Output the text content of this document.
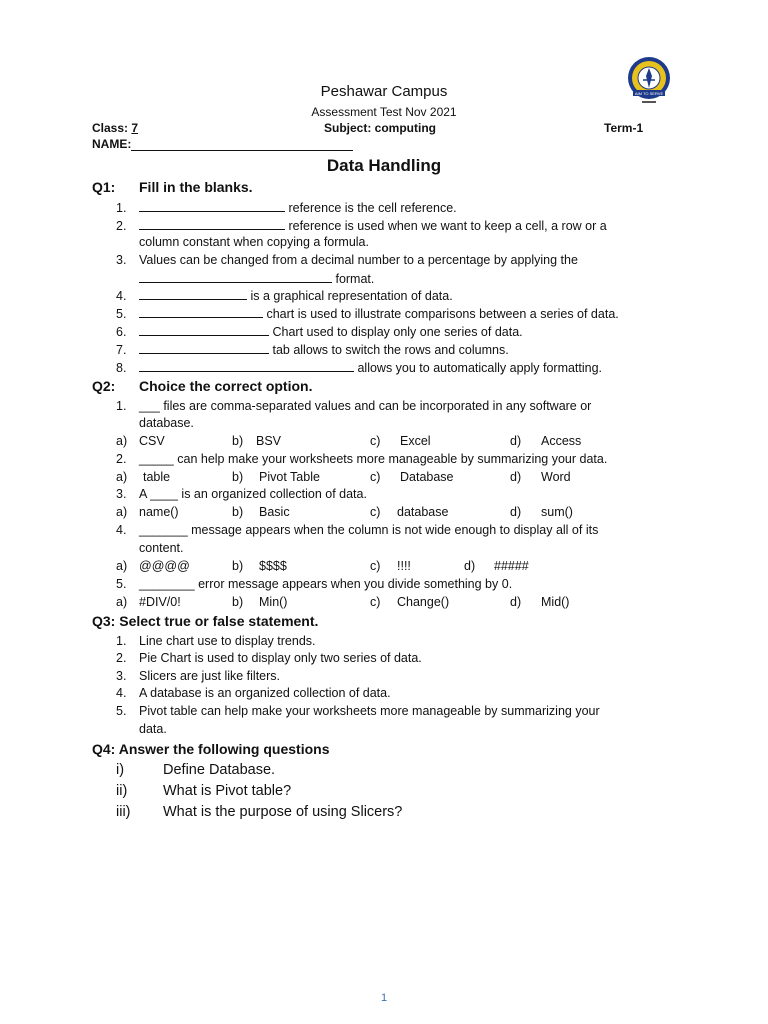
AIM TO SERVE
Peshawar Campus
Assessment Test Nov 2021
Class: 7	Subject: computing	Term-1
NAME:
Data Handling
Q1: Fill in the blanks.
1.	reference is the cell reference.
2.	reference is used when we want to keep a cell, a row or a
column constant when copying a formula.
3. Values can be changed from a decimal number to a percentage by applying the
format.
4.	is a graphical representation of data.
5.	chart is used to illustrate comparisons between a series of data.
6.	Chart used to display only one series of data.
7.	tab allows to switch the rows and columns.
8.	allows you to automatically apply formatting.
Q2: Choice the correct option.
1. ___ files are comma-separated values and can be incorporated in any software or
database.
a) CSV	b) BSV	c) Excel	d) Access
2. _____ can help make your worksheets more manageable by summarizing your data.
a) table	b) Pivot Table	c) Database	d) Word
3. A ____ is an organized collection of data.
a) name()	b) Basic	c) database	d) sum()
4. _______ message appears when the column is not wide enough to display all of its
content.
a) @@@@	b) $$$$	c) !!!!	d) #####
5. ________ error message appears when you divide something by 0.
a) #DIV/0!	b) Min()	c) Change()	d) Mid()
Q3: Select true or false statement.
1. Line chart use to display trends.
2. Pie Chart is used to display only two series of data.
3. Slicers are just like filters.
4. A database is an organized collection of data.
5. Pivot table can help make your worksheets more manageable by summarizing your
data.
Q4: Answer the following questions
i)	Define Database.
ii) What is Pivot table?
iii) What is the purpose of using Slicers?
1
